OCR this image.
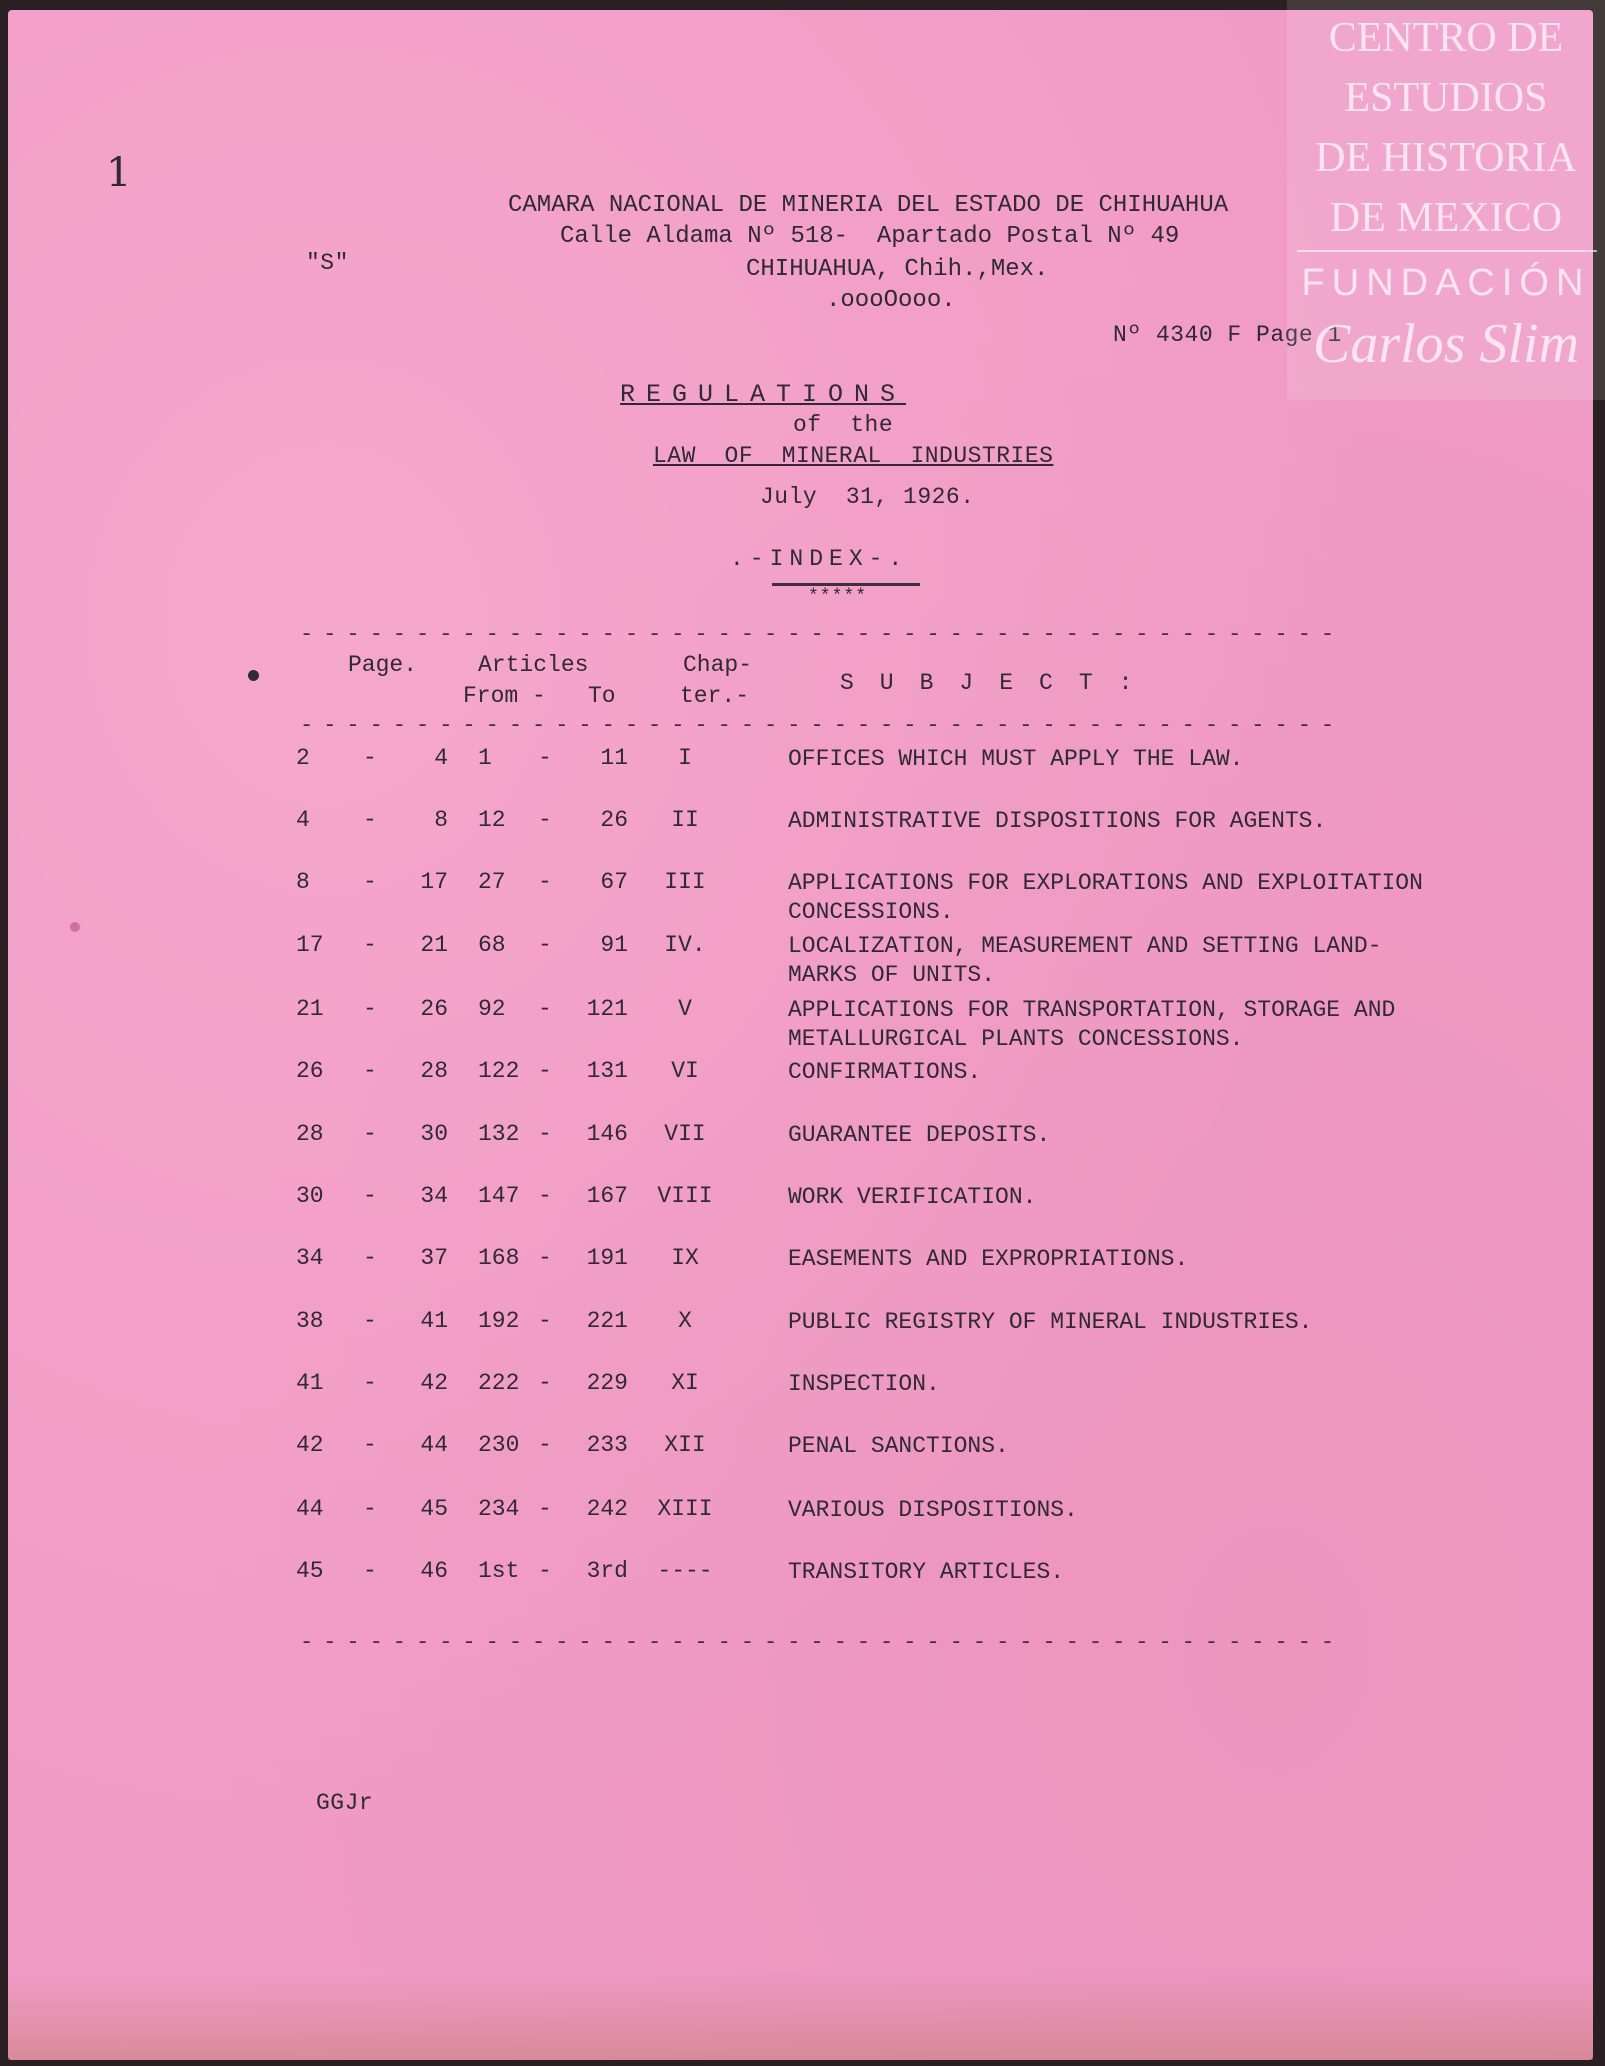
1
"S"
CAMARA NACIONAL DE MINERIA DEL ESTADO DE CHIHUAHUA
Calle Aldama Nº 518-  Apartado Postal Nº 49
CHIHUAHUA, Chih.,Mex.
.oooOooo.
Nº 4340 F Page 1
REGULATIONS
of  the
LAW  OF  MINERAL  INDUSTRIES
July  31, 1926.
.-INDEX-.
*****
---------------------------------------------
Page.	Articles
From - To
Chap-
ter.-	SUBJECT:
---------------------------------------------
2	-	4 1	-	11	I	OFFICES WHICH MUST APPLY THE LAW.
4	-	8 12	-	26	II	ADMINISTRATIVE DISPOSITIONS FOR AGENTS.
8	-	17 27	-	67	III	APPLICATIONS FOR EXPLORATIONS AND EXPLOITATION
CONCESSIONS.
17	-	21 68	-	91	IV.	LOCALIZATION, MEASUREMENT AND SETTING LAND-
MARKS OF UNITS.
21	-	26 92	-	121	V	APPLICATIONS FOR TRANSPORTATION, STORAGE AND
METALLURGICAL PLANTS CONCESSIONS.
26	-	28 122 -	131	VI	CONFIRMATIONS.
28	-	30 132 -	146	VII	GUARANTEE DEPOSITS.
30	-	34 147 -	167	VIII	WORK VERIFICATION.
34	-	37 168 -	191	IX	EASEMENTS AND EXPROPRIATIONS.
38	-	41 192 -	221	X	PUBLIC REGISTRY OF MINERAL INDUSTRIES.
41	-	42 222 -	229	XI	INSPECTION.
42	-	44 230 -	233	XII	PENAL SANCTIONS.
44	-	45 234 -	242	XIII	VARIOUS DISPOSITIONS.
45	-	46 1st -	3rd	----	TRANSITORY ARTICLES.
---------------------------------------------
GGJr
CENTRO DE
ESTUDIOS
DE HISTORIA
DE MEXICO
FUNDACIÓN
Carlos Slim
